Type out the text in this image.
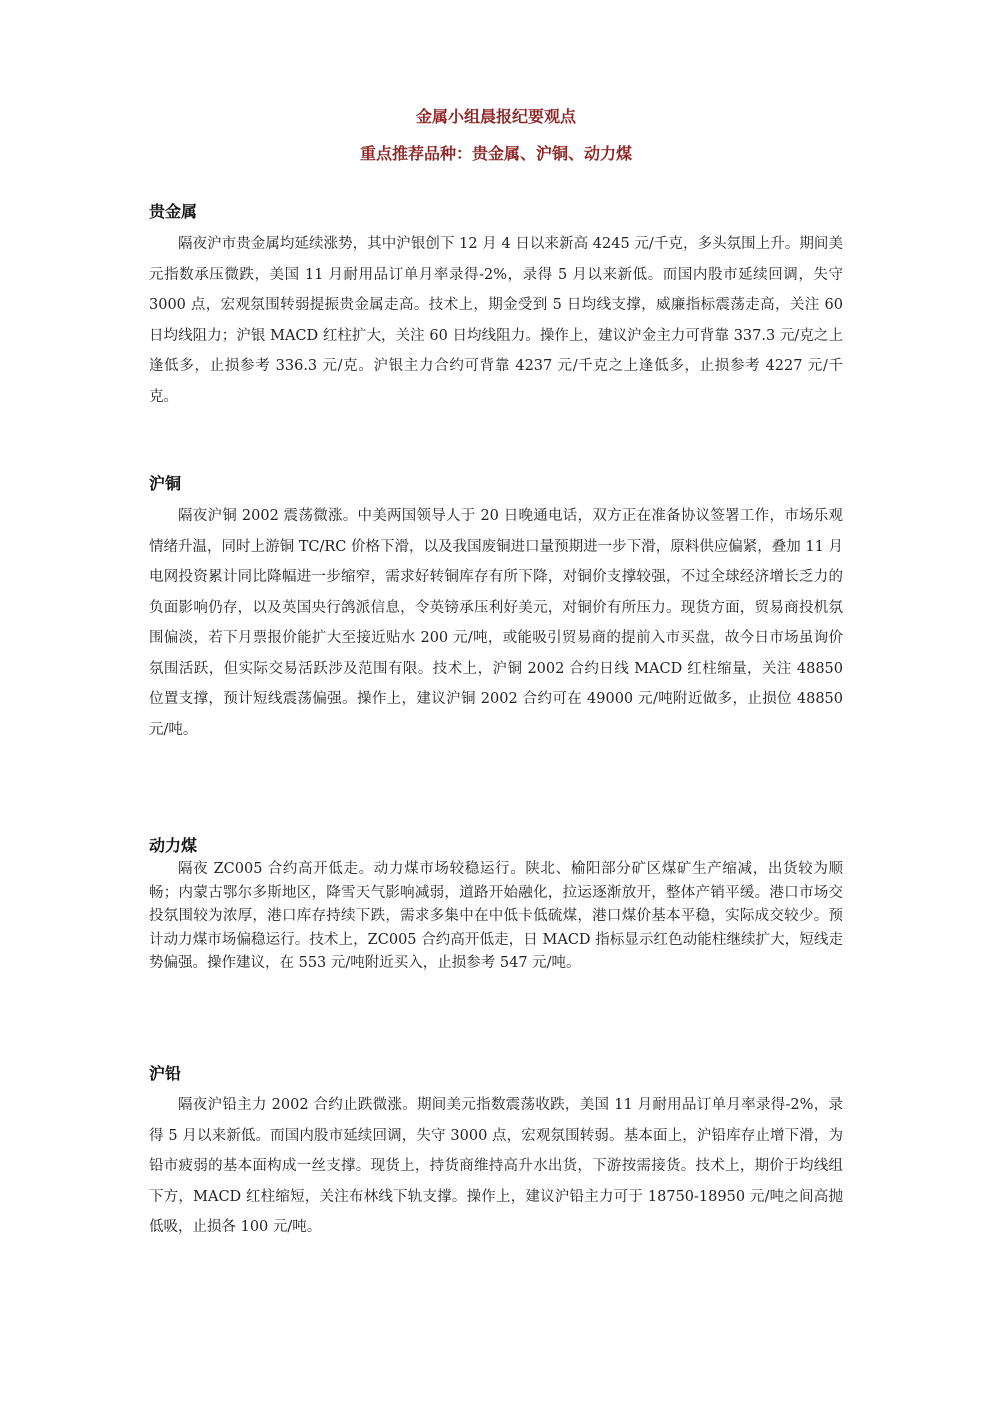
金属小组晨报纪要观点
重点推荐品种：贵金属、沪铜、动力煤
贵金属

隔夜沪市贵金属均延续涨势，其中沪银创下 12 月 4 日以来新高 4245 元/千克，多头氛围上升。期间美元指数承压微跌，美国 11 月耐用品订单月率录得-2%，录得 5 月以来新低。而国内股市延续回调，失守 3000 点，宏观氛围转弱提振贵金属走高。技术上，期金受到 5 日均线支撑，威廉指标震荡走高，关注 60 日均线阻力；沪银 MACD 红柱扩大，关注 60 日均线阻力。操作上，建议沪金主力可背靠 337.3 元/克之上逢低多，止损参考 336.3 元/克。沪银主力合约可背靠 4237 元/千克之上逢低多，止损参考 4227 元/千克。

沪铜

隔夜沪铜 2002 震荡微涨。中美两国领导人于 20 日晚通电话，双方正在准备协议签署工作，市场乐观情绪升温，同时上游铜 TC/RC 价格下滑，以及我国废铜进口量预期进一步下滑，原料供应偏紧，叠加 11 月电网投资累计同比降幅进一步缩窄，需求好转铜库存有所下降，对铜价支撑较强，不过全球经济增长乏力的负面影响仍存，以及英国央行鸽派信息，令英镑承压利好美元，对铜价有所压力。现货方面，贸易商投机氛围偏淡，若下月票报价能扩大至接近贴水 200 元/吨，或能吸引贸易商的提前入市买盘，故今日市场虽询价氛围活跃，但实际交易活跃涉及范围有限。技术上，沪铜 2002 合约日线 MACD 红柱缩量，关注 48850 位置支撑，预计短线震荡偏强。操作上，建议沪铜 2002 合约可在 49000 元/吨附近做多，止损位 48850 元/吨。

动力煤

隔夜 ZC005 合约高开低走。动力煤市场较稳运行。陕北、榆阳部分矿区煤矿生产缩减，出货较为顺畅；内蒙古鄂尔多斯地区，降雪天气影响减弱，道路开始融化，拉运逐渐放开，整体产销平缓。港口市场交投氛围较为浓厚，港口库存持续下跌，需求多集中在中低卡低硫煤，港口煤价基本平稳，实际成交较少。预计动力煤市场偏稳运行。技术上，ZC005 合约高开低走，日 MACD 指标显示红色动能柱继续扩大，短线走势偏强。操作建议，在 553 元/吨附近买入，止损参考 547 元/吨。

沪铅

隔夜沪铅主力 2002 合约止跌微涨。期间美元指数震荡收跌，美国 11 月耐用品订单月率录得-2%，录得 5 月以来新低。而国内股市延续回调，失守 3000 点，宏观氛围转弱。基本面上，沪铅库存止增下滑，为铅市疲弱的基本面构成一丝支撑。现货上，持货商维持高升水出货，下游按需接货。技术上，期价于均线组下方，MACD 红柱缩短，关注布林线下轨支撑。操作上，建议沪铅主力可于 18750-18950 元/吨之间高抛低吸，止损各 100 元/吨。
